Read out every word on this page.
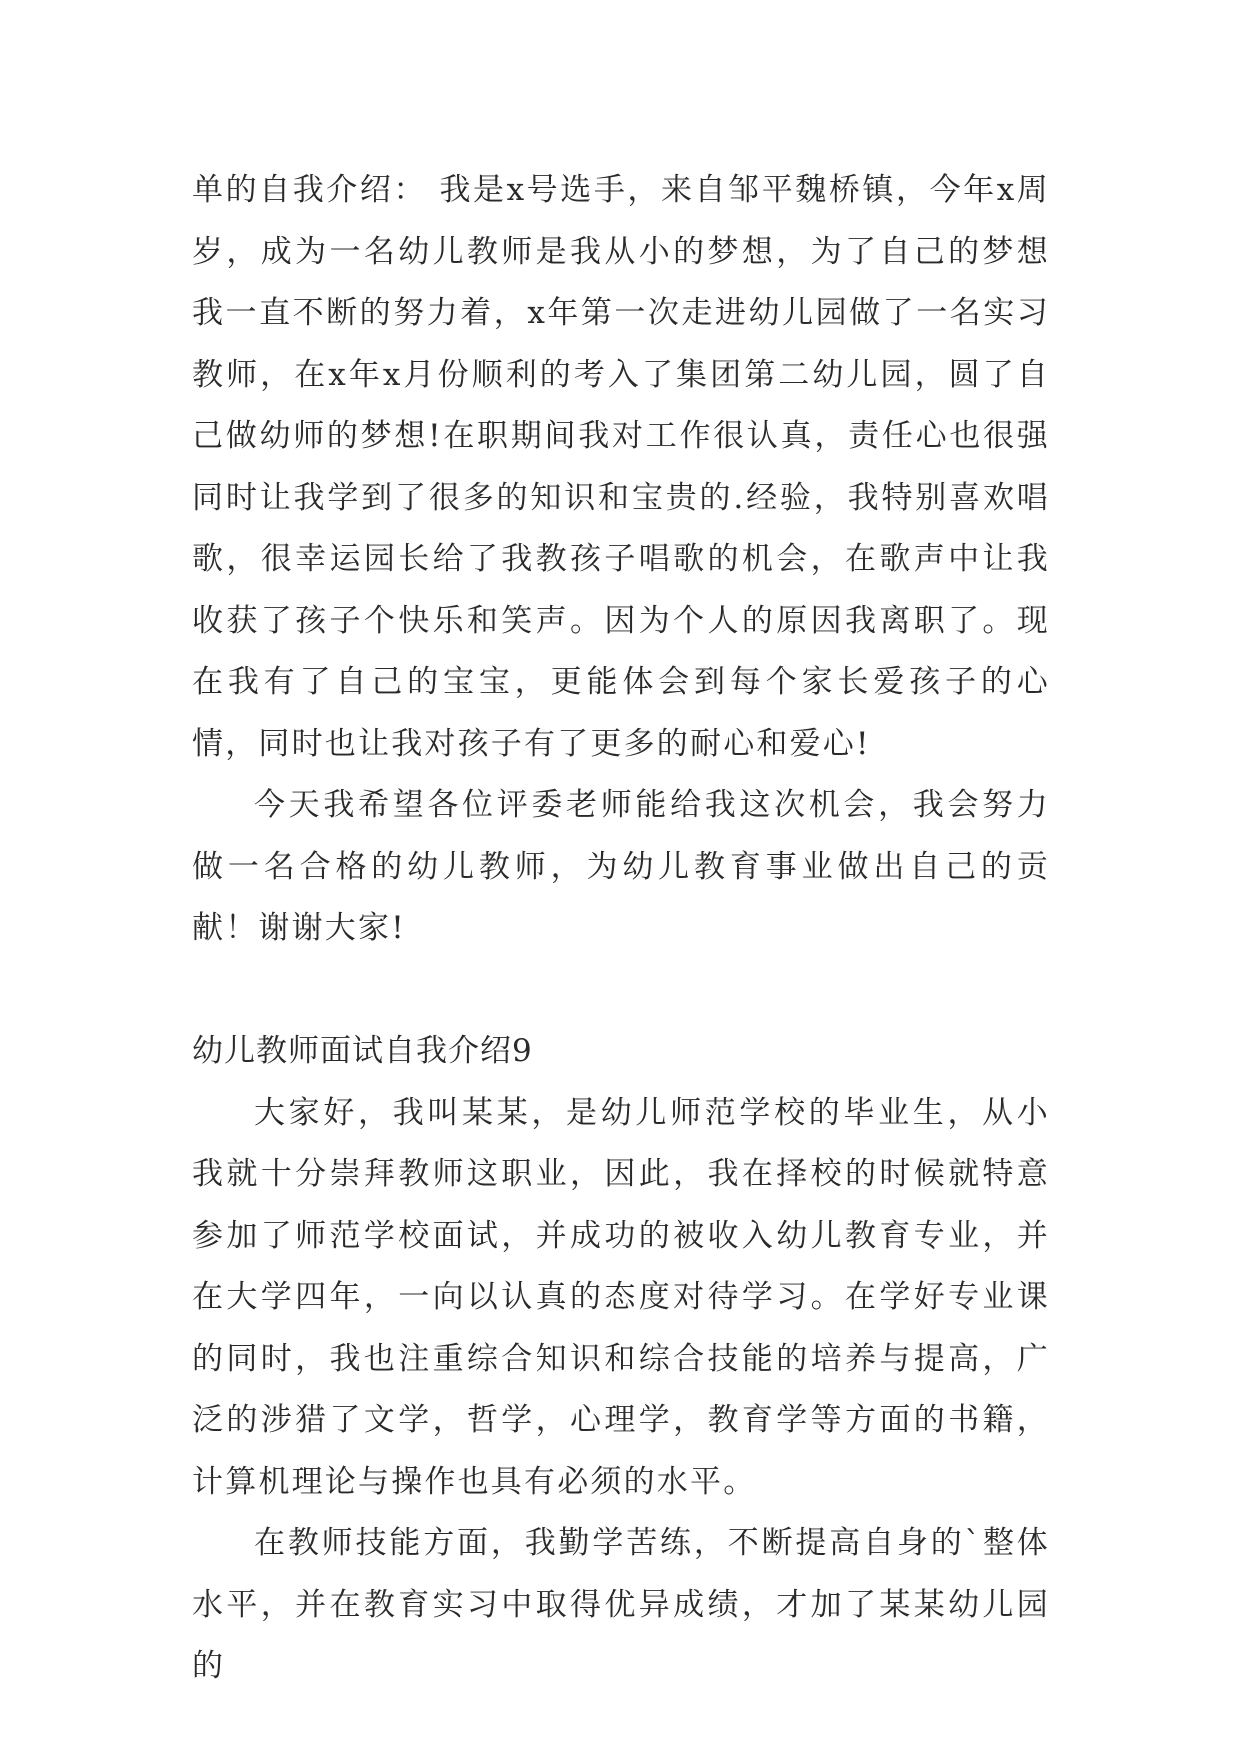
单的自我介绍： 我是x号选手，来自邹平魏桥镇，今年x周岁，成为一名幼儿教师是我从小的梦想，为了自己的梦想我一直不断的努力着，x年第一次走进幼儿园做了一名实习教师，在x年x月份顺利的考入了集团第二幼儿园，圆了自己做幼师的梦想!在职期间我对工作很认真，责任心也很强同时让我学到了很多的知识和宝贵的.经验，我特别喜欢唱歌，很幸运园长给了我教孩子唱歌的机会，在歌声中让我收获了孩子个快乐和笑声。因为个人的原因我离职了。现在我有了自己的宝宝，更能体会到每个家长爱孩子的心情，同时也让我对孩子有了更多的耐心和爱心!

今天我希望各位评委老师能给我这次机会，我会努力做一名合格的幼儿教师，为幼儿教育事业做出自己的贡献！谢谢大家!

幼儿教师面试自我介绍9

大家好，我叫某某，是幼儿师范学校的毕业生，从小我就十分崇拜教师这职业，因此，我在择校的时候就特意参加了师范学校面试，并成功的被收入幼儿教育专业，并在大学四年，一向以认真的态度对待学习。在学好专业课的同时，我也注重综合知识和综合技能的培养与提高，广泛的涉猎了文学，哲学，心理学，教育学等方面的书籍，计算机理论与操作也具有必须的水平。

在教师技能方面，我勤学苦练，不断提高自身的`整体水平，并在教育实习中取得优异成绩，才加了某某幼儿园的
